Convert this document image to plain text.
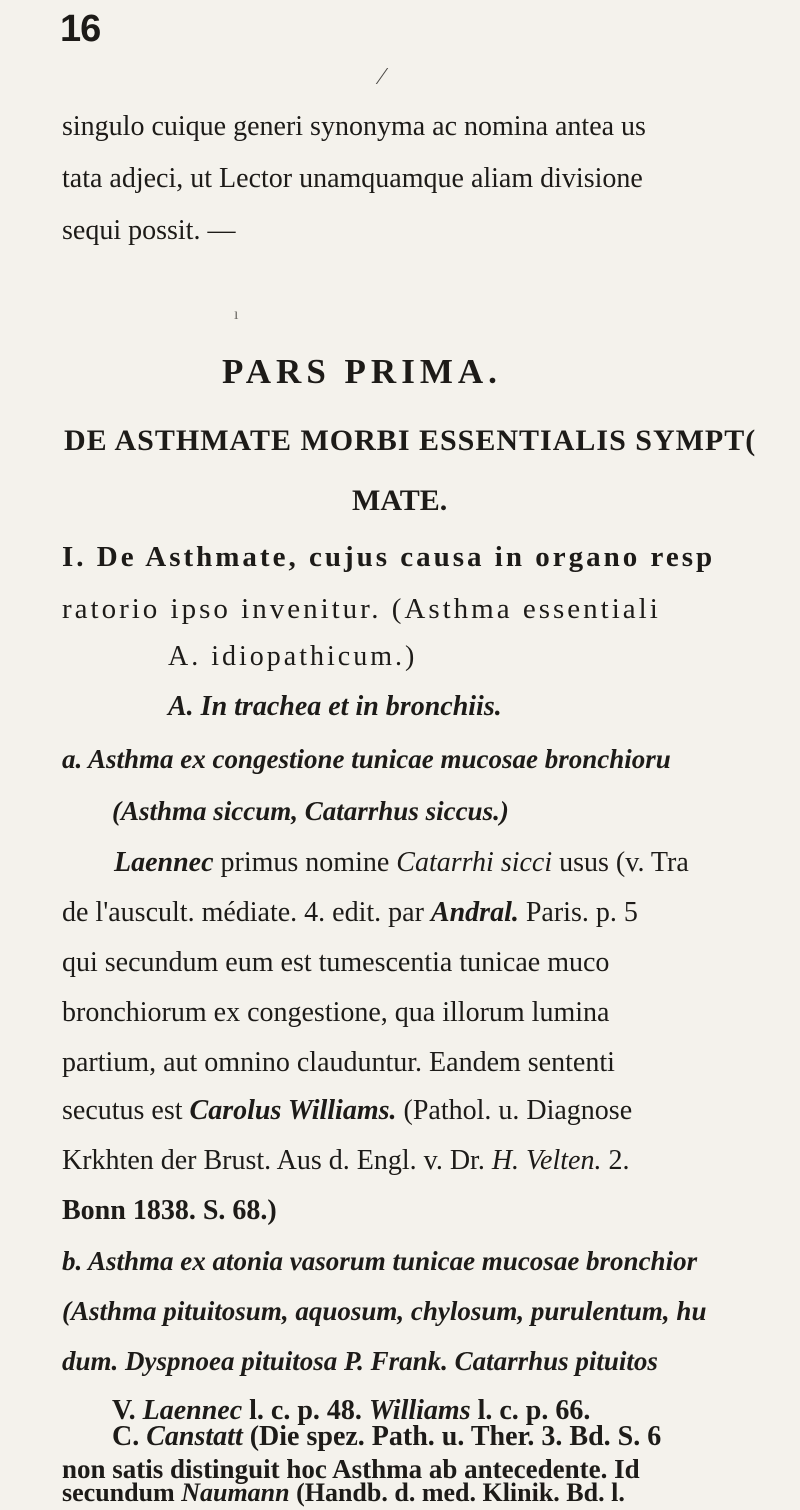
16
⁄
singulo cuique generi synonyma ac nomina antea us
tata adjeci, ut Lector unamquamque aliam divisione
sequi possit. —
ı
PARS PRIMA.
DE ASTHMATE MORBI ESSENTIALIS SYMPT(
MATE.
I. De Asthmate, cujus causa in organo resp
ratorio ipso invenitur. (Asthma essentiali
A. idiopathicum.)
A. In trachea et in bronchiis.
a. Asthma ex congestione tunicae mucosae bronchioru
(Asthma siccum, Catarrhus siccus.)
Laennec primus nomine Catarrhi sicci usus (v. Tra
de l'auscult. médiate. 4. edit. par Andral. Paris. p. 5
qui secundum eum est tumescentia tunicae muco
bronchiorum ex congestione, qua illorum lumina
partium, aut omnino clauduntur. Eandem sententi
secutus est Carolus Williams. (Pathol. u. Diagnose
Krkhten der Brust. Aus d. Engl. v. Dr. H. Velten. 2.
Bonn 1838. S. 68.)
b. Asthma ex atonia vasorum tunicae mucosae bronchior
(Asthma pituitosum, aquosum, chylosum, purulentum, hu
dum. Dyspnoea pituitosa P. Frank. Catarrhus pituitos
V. Laennec l. c. p. 48. Williams l. c. p. 66.
C. Canstatt (Die spez. Path. u. Ther. 3. Bd. S. 6
non satis distinguit hoc Asthma ab antecedente. Id
secundum Naumann (Handb. d. med. Klinik. Bd. l.
